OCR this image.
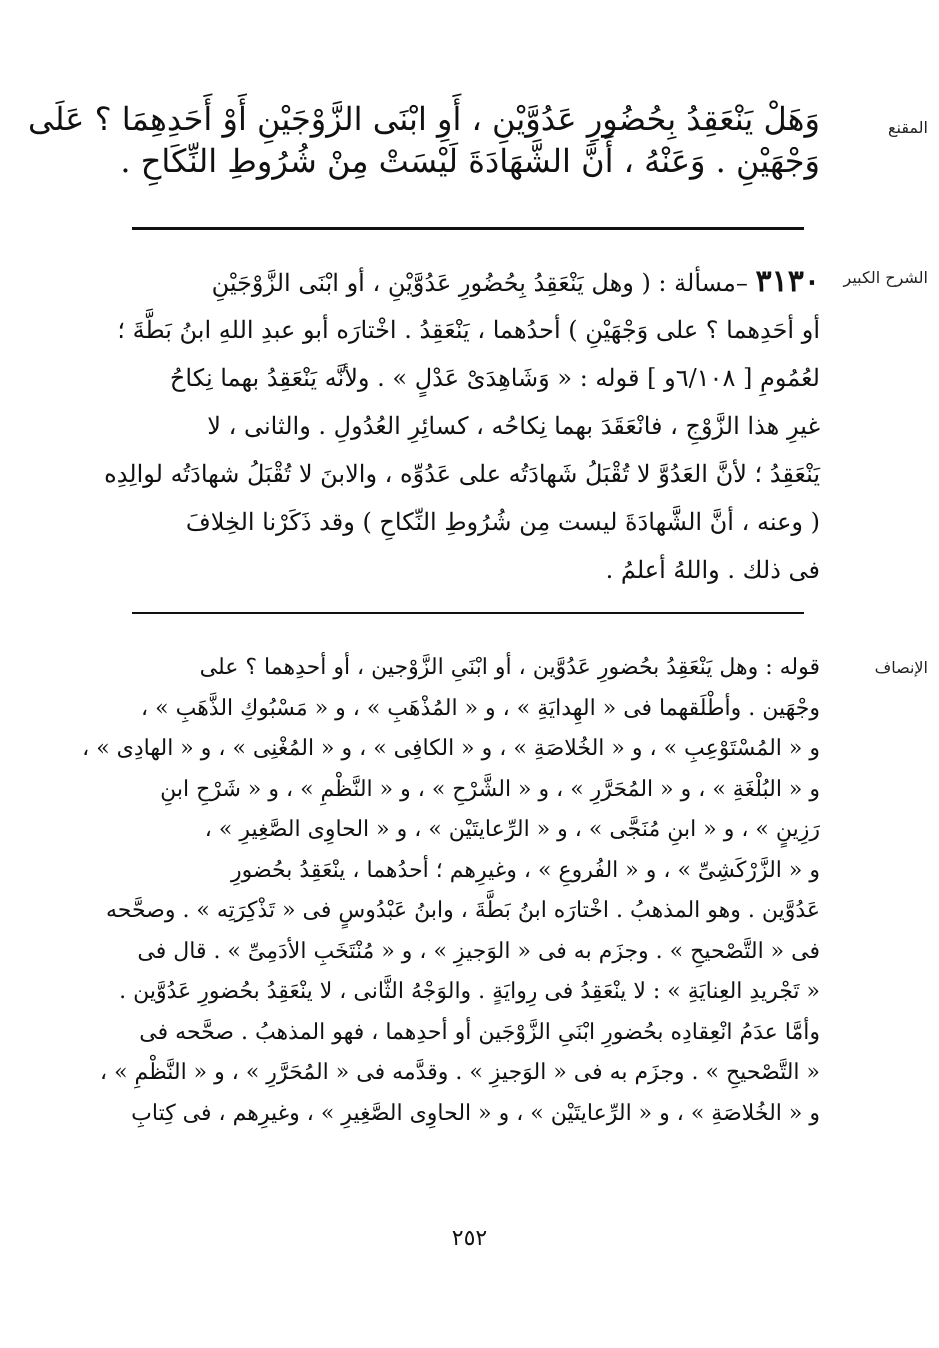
المقنع
الشرح الكبير
الإنصاف
وَهَلْ يَنْعَقِدُ بِحُضُورِ عَدُوَّيْنِ ، أَوِ ابْنَى الزَّوْجَيْنِ أَوْ أَحَدِهِمَا ؟ عَلَى
وَجْهَيْنِ . وَعَنْهُ ، أَنَّ الشَّهَادَةَ لَيْسَتْ مِنْ شُرُوطِ النِّكَاحِ .
٣١٣٠ –مسألة : ( وهل يَنْعَقِدُ بِحُضُورِ عَدُوَّيْنِ ، أو ابْنَى الزَّوْجَيْنِ
أو أحَدِهما ؟ على وَجْهَيْنِ ) أحدُهما ، يَنْعَقِدُ . اخْتارَه أبو عبدِ اللهِ ابنُ بَطَّةَ ؛
لعُمُومِ [ ٦/١٠٨و ] قوله : « وَشَاهِدَىْ عَدْلٍ » . ولأنَّه يَنْعَقِدُ بهما نِكاحُ
غيرِ هذا الزَّوْجِ ، فانْعَقَدَ بهما نِكاحُه ، كسائِرِ العُدُولِ . والثانى ، لا
يَنْعَقِدُ ؛ لأنَّ العَدُوَّ لا تُقْبَلُ شَهادَتُه على عَدُوِّه ، والابنَ لا تُقْبَلُ شهادَتُه لوالِدِه
( وعنه ، أنَّ الشَّهادَةَ ليست مِن شُرُوطِ النِّكاحِ ) وقد ذَكَرْنا الخِلافَ
فى ذلك . واللهُ أعلمُ .
قوله : وهل يَنْعَقِدُ بحُضورِ عَدُوَّين ، أو ابْنَىِ الزَّوْجين ، أو أحدِهما ؟ على
وجْهَين . وأطْلَقهما فى « الهِدايَةِ » ، و « المُذْهَبِ » ، و « مَسْبُوكِ الذَّهَبِ » ،
و « المُسْتَوْعِبِ » ، و « الخُلاصَةِ » ، و « الكافِى » ، و « المُغْنِى » ، و « الهادِى » ،
و « البُلْغَةِ » ، و « المُحَرَّرِ » ، و « الشَّرْحِ » ، و « النَّظْمِ » ، و « شَرْحِ ابنِ
رَزِينٍ » ، و « ابنِ مُنَجَّى » ، و « الرِّعايتَيْن » ، و « الحاوِى الصَّغِيرِ » ،
و « الزَّرْكَشِىِّ » ، و « الفُروعِ » ، وغيرِهم ؛ أحدُهما ، ينْعَقِدُ بحُضورِ
عَدُوَّين . وهو المذهبُ . اخْتارَه ابنُ بَطَّةَ ، وابنُ عَبْدُوسٍ فى « تَذْكِرَتِه » . وصحَّحه
فى « التَّصْحيحِ » . وجزَم به فى « الوَجيزِ » ، و « مُنْتَخَبِ الأدَمِىِّ » . قال فى
« تَجْريدِ العِنايَةِ » : لا ينْعَقِدُ فى رِوايَةٍ . والوَجْهُ الثَّانى ، لا ينْعَقِدُ بحُضورِ عَدُوَّين .
وأمَّا عدَمُ انْعِقادِه بحُضورِ ابْنَىِ الزَّوْجَين أو أحدِهما ، فهو المذهبُ . صحَّحه فى
« التَّصْحيحِ » . وجزَم به فى « الوَجيزِ » . وقدَّمه فى « المُحَرَّرِ » ، و « النَّظْمِ » ،
و « الخُلاصَةِ » ، و « الرِّعايتَيْن » ، و « الحاوِى الصَّغِيرِ » ، وغيرِهم ، فى كِتابِ
٢٥٢
